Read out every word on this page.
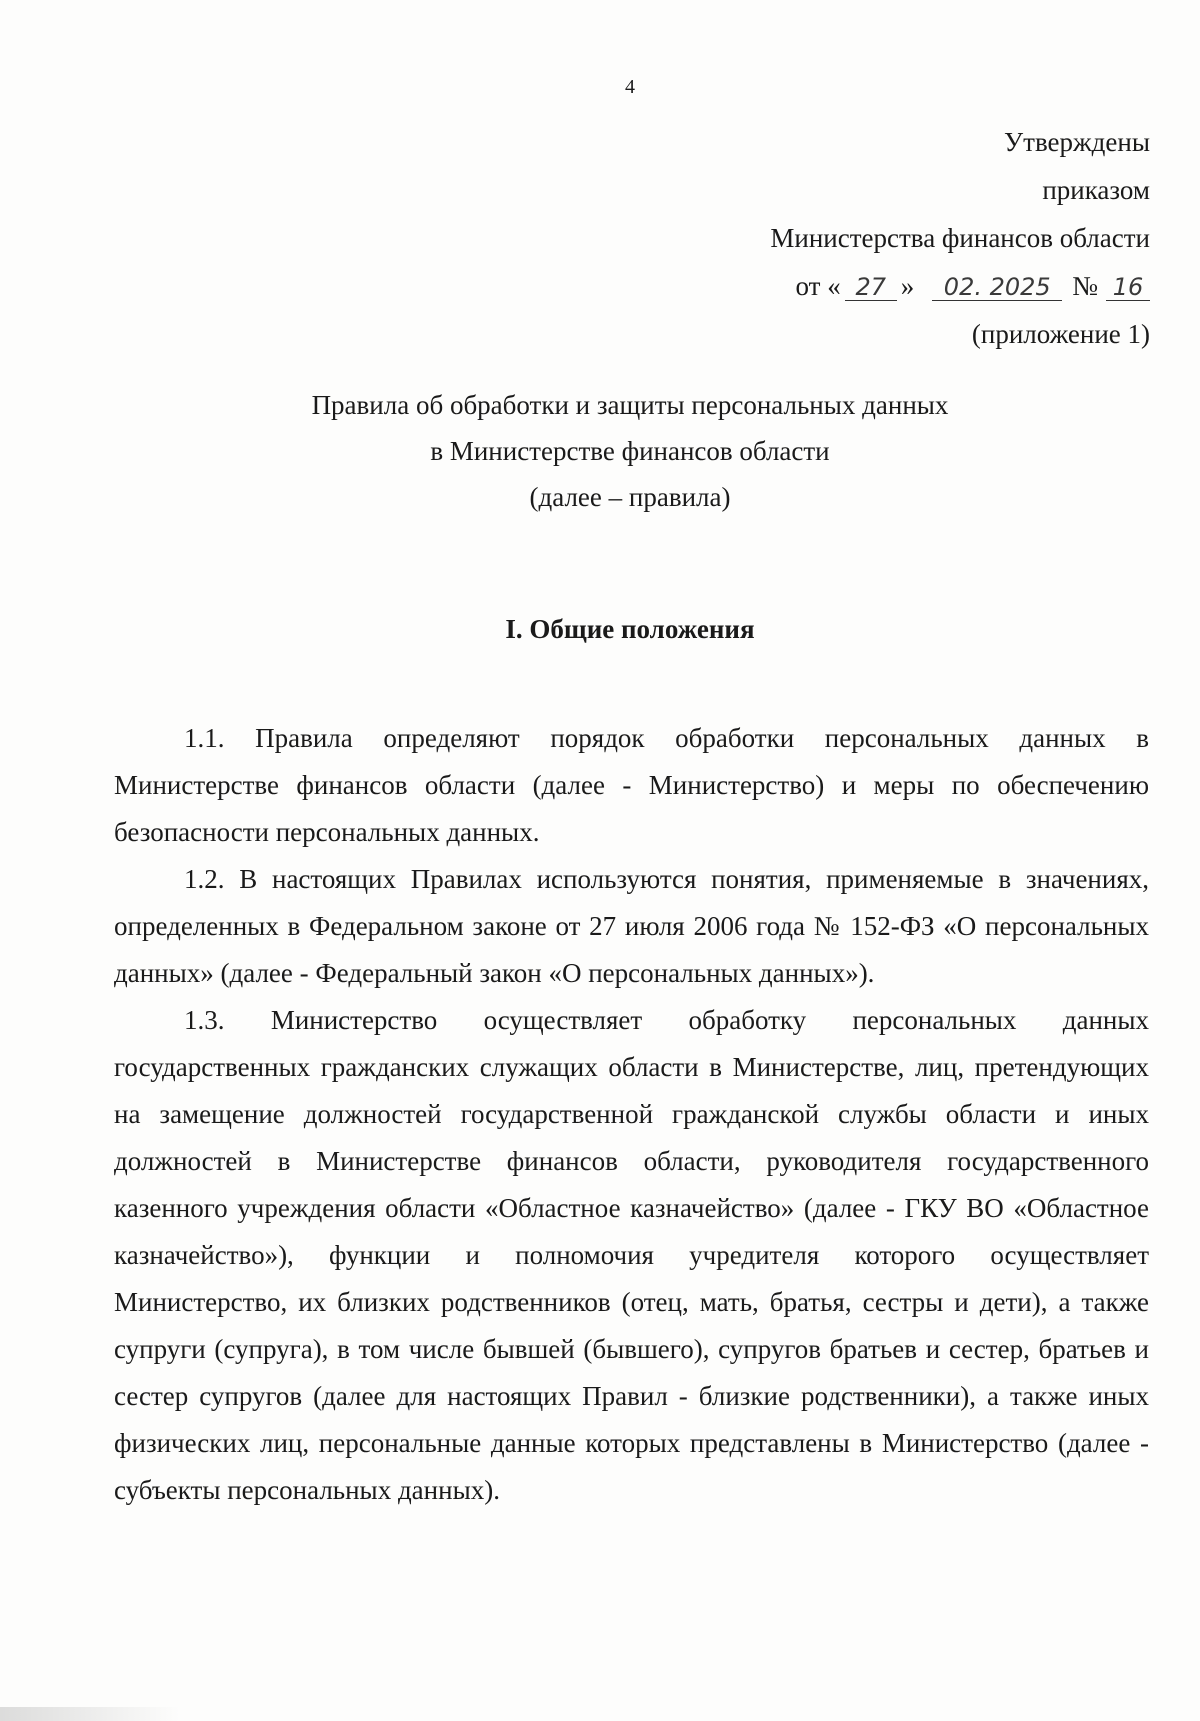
4
Утверждены
приказом
Министерства финансов области
от « 27 »	02. 2025 № 16
(приложение 1)
Правила об обработки и защиты персональных данных
в Министерстве финансов области
(далее – правила)
I. Общие положения

1.1. Правила определяют порядок обработки персональных данных в Министерстве финансов области (далее - Министерство) и меры по обеспечению безопасности персональных данных.

1.2. В настоящих Правилах используются понятия, применяемые в значениях, определенных в Федеральном законе от 27 июля 2006 года № 152-ФЗ «О персональных данных» (далее - Федеральный закон «О персональных данных»).

1.3. Министерство осуществляет обработку персональных данных государственных гражданских служащих области в Министерстве, лиц, претендующих на замещение должностей государственной гражданской службы области и иных должностей в Министерстве финансов области, руководителя государственного казенного учреждения области «Областное казначейство» (далее - ГКУ ВО «Областное казначейство»), функции и полномочия учредителя которого осуществляет Министерство, их близких родственников (отец, мать, братья, сестры и дети), а также супруги (супруга), в том числе бывшей (бывшего), супругов братьев и сестер, братьев и сестер супругов (далее для настоящих Правил - близкие родственники), а также иных физических лиц, персональные данные которых представлены в Министерство (далее - субъекты персональных данных).
